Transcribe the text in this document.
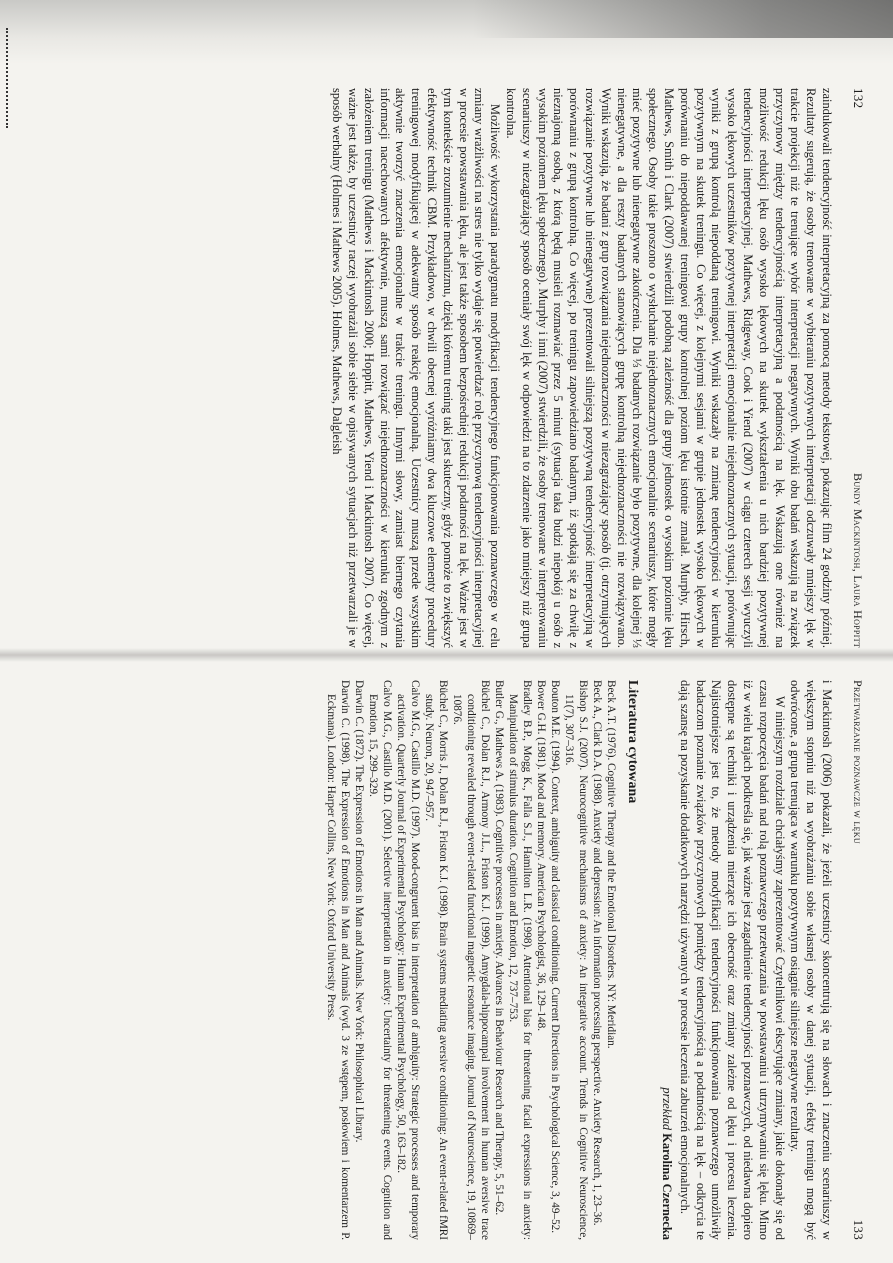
132
Bundy Mackintosh, Laura Hoppitt

zaindukowali tendencyjność interpretacyjną za pomocą metody tekstowej, pokazując film 24 godziny później. Rezultaty sugerują, że osoby trenowane w wybieraniu pozytywnych interpretacji odczuwały mniejszy lęk w trakcie projekcji niż te trenujące wybór interpretacji negatywnych. Wyniki obu badań wskazują na związek przyczynowy między tendencyjnością interpretacyjną a podatnością na lęk. Wskazują one również na możliwość redukcji lęku osób wysoko lękowych na skutek wykształcenia u nich bardziej pozytywnej tendencyjności interpretacyjnej. Mathews, Ridgeway, Cook i Yiend (2007) w ciągu czterech sesji wyuczyli wysoko lękowych uczestników pozytywnej interpretacji emocjonalnie niejednoznacznych sytuacji, porównując wyniki z grupą kontrolą niepoddaną treningowi. Wyniki wskazały na zmianę tendencyjności w kierunku pozytywnym na skutek treningu. Co więcej, z kolejnymi sesjami w grupie jednostek wysoko lękowych w porównaniu do niepoddawanej treningowi grupy kontrolnej poziom lęku istotnie zmalał. Murphy, Hirsch, Mathews, Smith i Clark (2007) stwierdzili podobną zależność dla grupy jednostek o wysokim poziomie lęku społecznego. Osoby takie proszono o wysłuchanie niejednoznacznych emocjonalnie scenariuszy, które mogły mieć pozytywne lub nienegatywne zakończenia. Dla ⅓ badanych rozwiązanie było pozytywne, dla kolejnej ⅓ nienegatywne, a dla reszty badanych stanowiących grupę kontrolną niejednoznaczności nie rozwiązywano. Wyniki wskazują, że badani z grup rozwiązania niejednoznaczności w niezagrażający sposób (tj. otrzymujących rozwiązanie pozytywne lub nienegatywne) prezentowali silniejszą pozytywną tendencyjność interpretacyjną w porównaniu z grupą kontrolną. Co więcej, po treningu zapowiedziano badanym, iż spotkają się za chwilę z nieznajomą osobą, z którą będą musieli rozmawiać przez 5 minut (sytuacja taka budzi niepokój u osób z wysokim poziomem lęku społecznego). Murphy i inni (2007) stwierdzili, że osoby trenowane w interpretowaniu scenariuszy w niezagrażający sposób oceniały swój lęk w odpowiedzi na to zdarzenie jako mniejszy niż grupa kontrolna.

Możliwość wykorzystania paradygmatu modyfikacji tendencyjnego funkcjonowania poznawczego w celu zmiany wrażliwości na stres nie tylko wydaje się potwierdzać rolę przyczynową tendencyjności interpretacyjnej w procesie powstawania lęku, ale jest także sposobem bezpośredniej redukcji podatności na lęk. Ważne jest w tym kontekście zrozumienie mechanizmu, dzięki któremu trening taki jest skuteczny, gdyż pomoże to zwiększyć efektywność technik CBM. Przykładowo, w chwili obecnej wyróżniamy dwa kluczowe elementy procedury treningowej modyfikującej w adekwatny sposób reakcję emocjonalną. Uczestnicy muszą przede wszystkim aktywnie tworzyć znaczenia emocjonalne w trakcie treningu. Innymi słowy, zamiast biernego czytania informacji nacechowanych afektywnie, muszą sami rozwiązać niejednoznaczności w kierunku zgodnym z założeniem treningu (Mathews i Mackintosh 2000; Hoppitt, Mathews, Yiend i Mackintosh 2007). Co więcej, ważne jest także, by uczestnicy raczej wyobrażali sobie siebie w opisywanych sytuacjach niż przetwarzali je w sposób werbalny (Holmes i Mathews 2005). Holmes, Mathews, Dalgleish

Przetwarzanie poznawcze w lęku
133

i Mackintosh (2006) pokazali, że jeżeli uczestnicy skoncentrują się na słowach i znaczeniu scenariuszy w większym stopniu niż na wyobrażaniu sobie własnej osoby w danej sytuacji, efekty treningu mogą być odwrócone, a grupa trenująca w warunku pozytywnym osiągnie silniejsze negatywne rezultaty.

W niniejszym rozdziale chciałyśmy zaprezentować Czytelnikowi ekscytujące zmiany, jakie dokonały się od czasu rozpoczęcia badań nad rolą poznawczego przetwarzania w powstawaniu i utrzymywaniu się lęku. Mimo iż w wielu krajach podkreśla się, jak ważne jest zagadnienie tendencyjności poznawczych, od niedawna dopiero dostępne są techniki i urządzenia mierzące ich obecność oraz zmiany zależne od lęku i procesu leczenia. Najistotniejsze jest to, że metody modyfikacji tendencyjności funkcjonowania poznawczego umożliwiły badaczom poznanie związków przyczynowych pomiędzy tendencyjnością a podatnością na lęk – odkrycia te dają szansę na pozyskanie dodatkowych narzędzi używanych w procesie leczenia zaburzeń emocjonalnych.

przekład Karolina Czernecka
Literatura cytowana

Beck A.T. (1976). Cognitive Therapy and the Emotional Disorders. NY: Meridian.

Beck A., Clark D.A. (1988). Anxiety and depression: An information processing perspective. Anxiety Research, 1, 23–36.

Bishop S.J. (2007). Neurocognitive mechanisms of anxiety: An integrative account. Trends in Cognitive Neuroscience, 11(7), 307–316.

Bouton M.E. (1994). Context, ambiguity and classical conditioning. Current Directions in Psychological Science, 3, 49–52.

Bower G.H. (1981). Mood and memory. American Psychologist, 36, 129–148.

Bradley B.P., Mogg K., Falla S.J., Hamilton L.R. (1998). Attentional bias for threatening facial expressions in anxiety: Manipulation of stimulus duration. Cognition and Emotion, 12, 737–753.

Butler G., Mathews A. (1983). Cognitive processes in anxiety. Advances in Behaviour Research and Therapy, 5, 51–62.

Büchel C., Dolan R.J., Armony J.L., Friston K.J. (1999). Amygdala-hippocampal involvement in human aversive trace conditioning revealed through event-related functional magnetic resonance imaging. Journal of Neuroscience, 19, 10869–10876.

Büchel C., Morris J., Dolan R.J., Friston K.J. (1998). Brain systems mediating aversive conditioning: An event-related fMRI study. Neuron, 20, 947–957.

Calvo M.G., Castillo M.D. (1997). Mood-congruent bias in interpretation of ambiguity: Strategic processes and temporary activation. Quarterly Journal of Experimental Psychology: Human Experimental Psychology, 50, 163–182.

Calvo M.G., Castillo M.D. (2001). Selective interpretation in anxiety: Uncertainty for threatening events. Cognition and Emotion, 15, 299–329.

Darwin C. (1872). The Expression of Emotions in Man and Animals. New York: Philosophical Library.

Darwin C. (1998). The Expression of Emotions in Man and Animals (wyd. 3 ze wstępem, posłowiem i komentarzem P. Eckmana). London: Harper Collins, New York: Oxford University Press.
